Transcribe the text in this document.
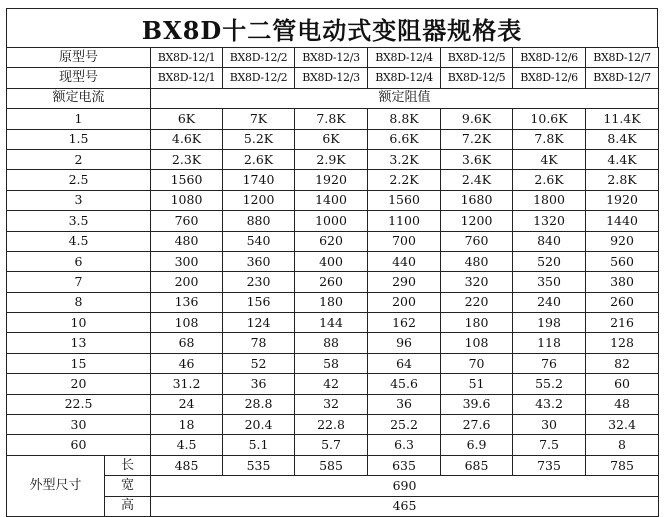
BX8D十二管电动式变阻器规格表
原型号		BX8D-12/1	BX8D-12/2	BX8D-12/3	BX8D-12/4	BX8D-12/5	BX8D-12/6	BX8D-12/7
现型号		BX8D-12/1	BX8D-12/2	BX8D-12/3	BX8D-12/4	BX8D-12/5	BX8D-12/6	BX8D-12/7
额定电流		额定阻值						
1		6K	7K	7.8K	8.8K	9.6K	10.6K	11.4K
1.5		4.6K	5.2K	6K	6.6K	7.2K	7.8K	8.4K
2		2.3K	2.6K	2.9K	3.2K	3.6K	4K	4.4K
2.5		1560	1740	1920	2.2K	2.4K	2.6K	2.8K
3		1080	1200	1400	1560	1680	1800	1920
3.5		760	880	1000	1100	1200	1320	1440
4.5		480	540	620	700	760	840	920
6		300	360	400	440	480	520	560
7		200	230	260	290	320	350	380
8		136	156	180	200	220	240	260
10		108	124	144	162	180	198	216
13		68	78	88	96	108	118	128
15		46	52	58	64	70	76	82
20		31.2	36	42	45.6	51	55.2	60
22.5		24	28.8	32	36	39.6	43.2	48
30		18	20.4	22.8	25.2	27.6	30	32.4
60		4.5	5.1	5.7	6.3	6.9	7.5	8
外型尺寸	长	485	535	585	635	685	735	785
	宽	690						
	高	465						
